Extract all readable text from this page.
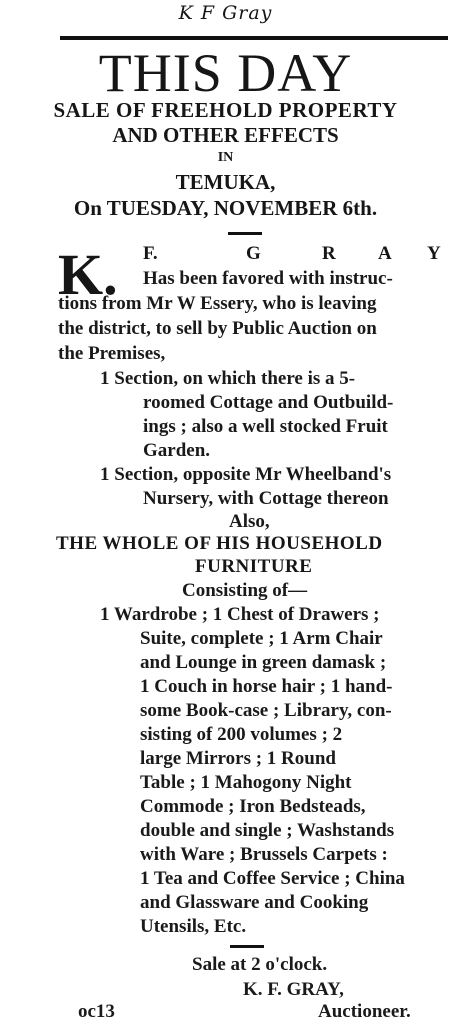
K F Gray
THIS DAY
SALE OF FREEHOLD PROPERTY
AND OTHER EFFECTS
IN
TEMUKA,
On TUESDAY, NOVEMBER 6th.
K. F.	G	R A Y
Has been favored with instruc-
tions from Mr W Essery, who is leaving
the district, to sell by Public Auction on
the Premises,
1 Section, on which there is a 5-
roomed Cottage and Outbuild-
ings ; also a well stocked Fruit
Garden.
1 Section, opposite Mr Wheelband's
Nursery, with Cottage thereon
Also,
THE WHOLE OF HIS HOUSEHOLD
FURNITURE
Consisting of—
1 Wardrobe ; 1 Chest of Drawers ;
Suite, complete ; 1 Arm Chair
and Lounge in green damask ;
1 Couch in horse hair ; 1 hand-
some Book-case ; Library, con-
sisting of 200 volumes ; 2
large Mirrors ; 1 Round
Table ; 1 Mahogony Night
Commode ; Iron Bedsteads,
double and single ; Washstands
with Ware ; Brussels Carpets :
1 Tea and Coffee Service ; China
and Glassware and Cooking
Utensils, Etc.
Sale at 2 o'clock.
K. F. GRAY,
oc13	Auctioneer.
